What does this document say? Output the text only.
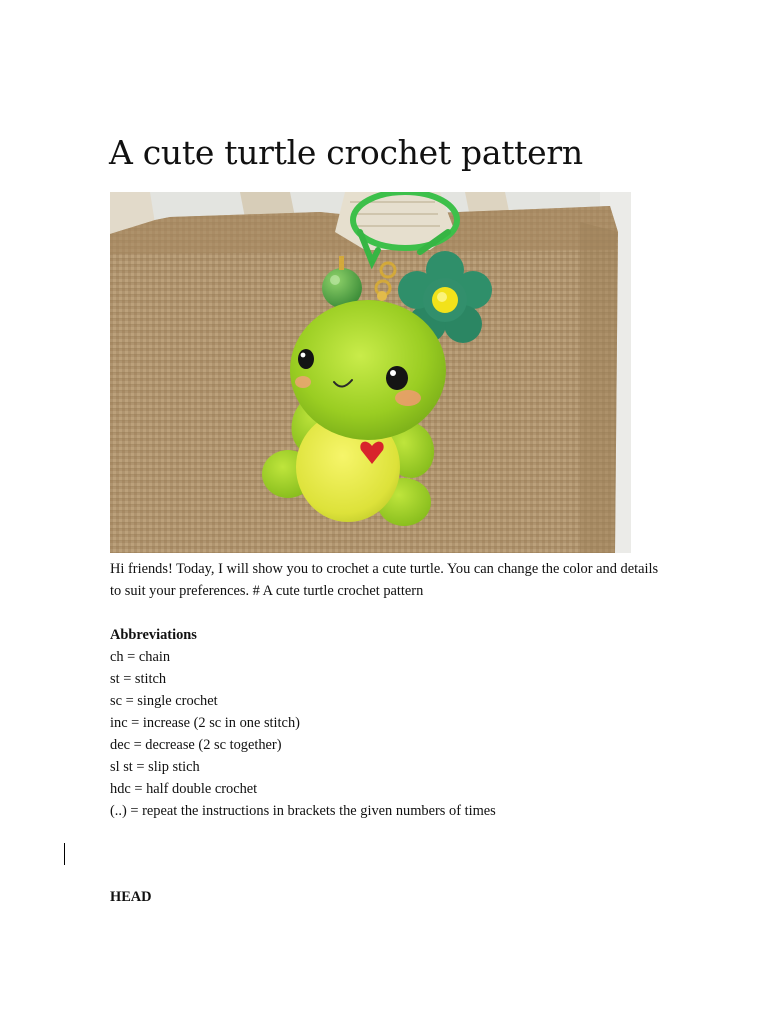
A cute turtle crochet pattern
Hi friends! Today, I will show you to crochet a cute turtle. You can change the color and details to suit your preferences. # A cute turtle crochet pattern
Abbreviations
ch = chain
st = stitch
sc = single crochet
inc = increase (2 sc in one stitch)
dec = decrease (2 sc together)
sl st = slip stich
hdc = half double crochet
(..) = repeat the instructions in brackets the given numbers of times
HEAD
